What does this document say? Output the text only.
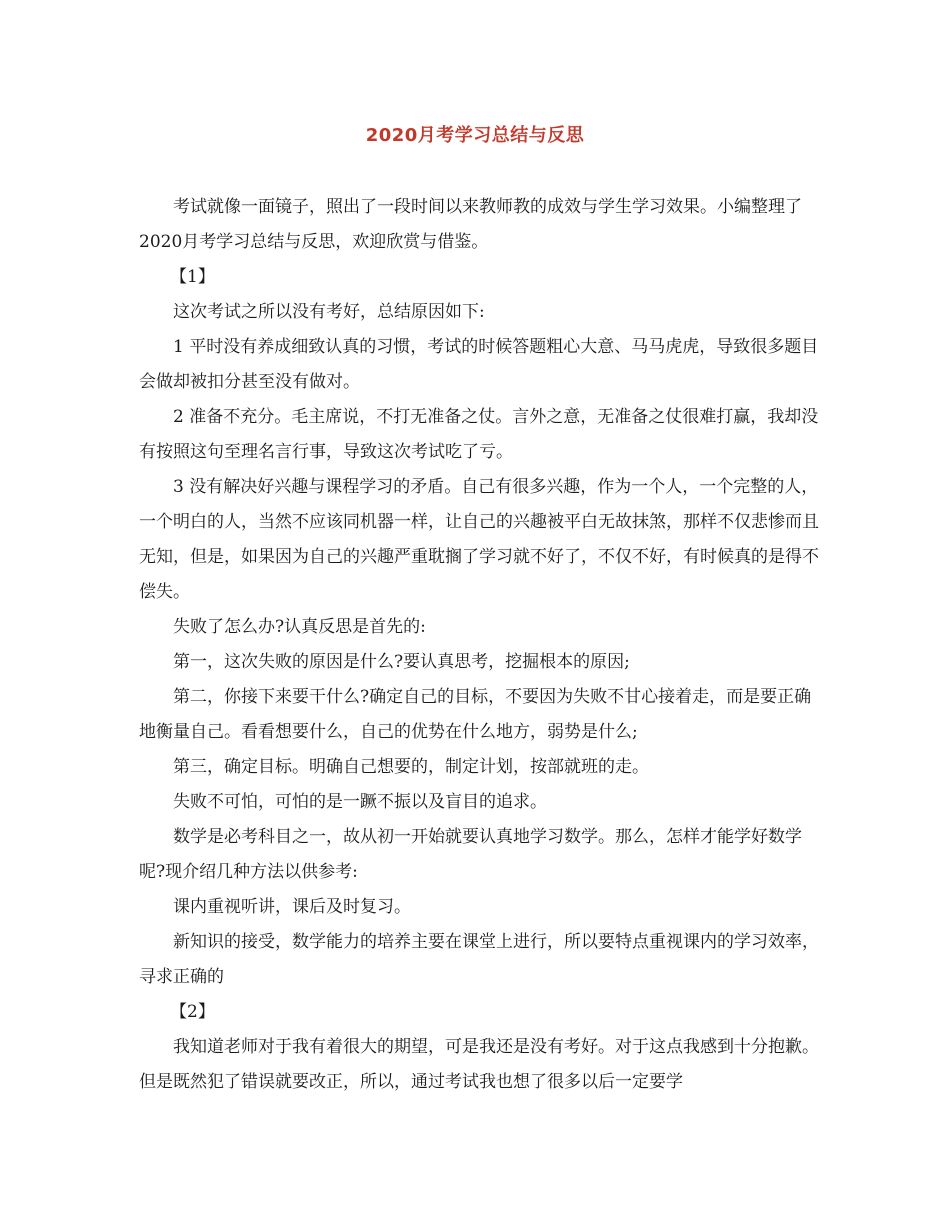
2020月考学习总结与反思

考试就像一面镜子，照出了一段时间以来教师教的成效与学生学习效果。小编整理了2020月考学习总结与反思，欢迎欣赏与借鉴。

【1】

这次考试之所以没有考好，总结原因如下:

1 平时没有养成细致认真的习惯，考试的时候答题粗心大意、马马虎虎，导致很多题目会做却被扣分甚至没有做对。

2 准备不充分。毛主席说，不打无准备之仗。言外之意，无准备之仗很难打赢，我却没有按照这句至理名言行事，导致这次考试吃了亏。

3 没有解决好兴趣与课程学习的矛盾。自己有很多兴趣，作为一个人，一个完整的人，一个明白的人，当然不应该同机器一样，让自己的兴趣被平白无故抹煞，那样不仅悲惨而且无知，但是，如果因为自己的兴趣严重耽搁了学习就不好了，不仅不好，有时候真的是得不偿失。

失败了怎么办?认真反思是首先的:

第一，这次失败的原因是什么?要认真思考，挖掘根本的原因;

第二，你接下来要干什么?确定自己的目标，不要因为失败不甘心接着走，而是要正确地衡量自己。看看想要什么，自己的优势在什么地方，弱势是什么;

第三，确定目标。明确自己想要的，制定计划，按部就班的走。

失败不可怕，可怕的是一蹶不振以及盲目的追求。

数学是必考科目之一，故从初一开始就要认真地学习数学。那么，怎样才能学好数学呢?现介绍几种方法以供参考:

课内重视听讲，课后及时复习。

新知识的接受，数学能力的培养主要在课堂上进行，所以要特点重视课内的学习效率，寻求正确的

【2】

我知道老师对于我有着很大的期望，可是我还是没有考好。对于这点我感到十分抱歉。但是既然犯了错误就要改正，所以，通过考试我也想了很多以后一定要学
